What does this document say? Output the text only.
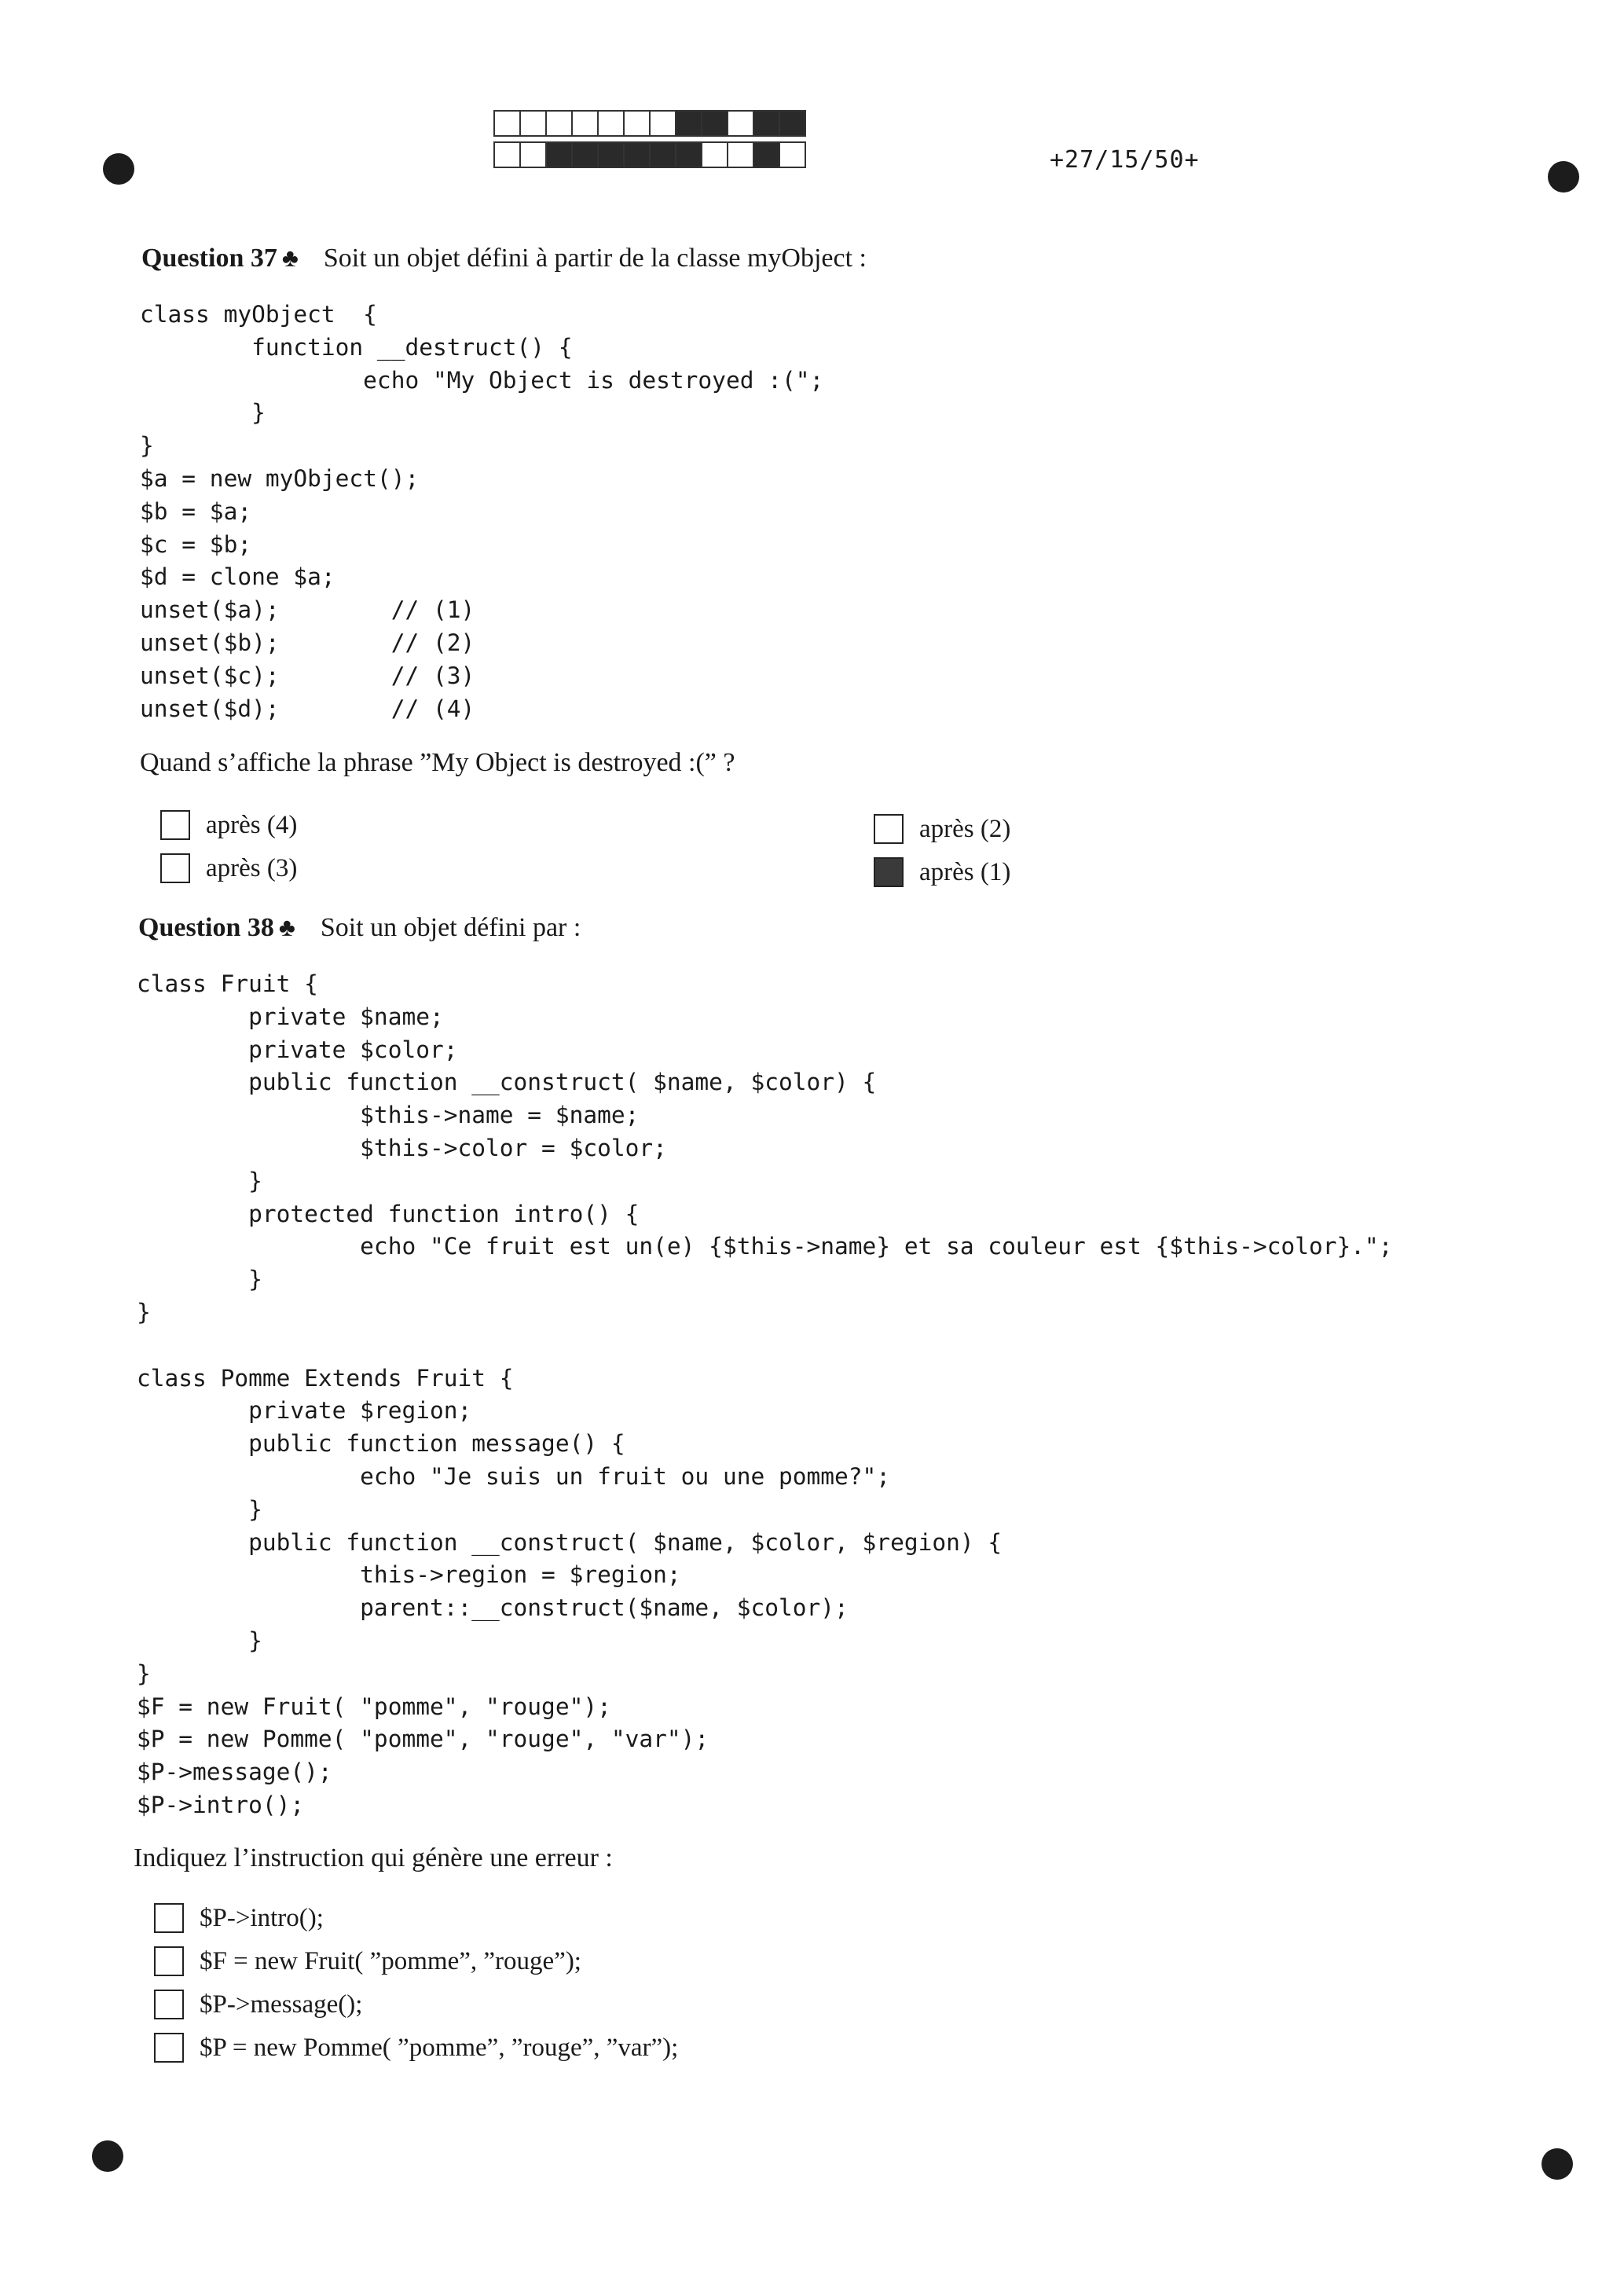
+27/15/50+
Question 37 ♣ Soit un objet défini à partir de la classe myObject :
class myObject  {
function __destruct() {
echo "My Object is destroyed :(";
}
}
$a = new myObject();
$b = $a;
$c = $b;
$d = clone $a;
unset($a);        // (1)
unset($b);        // (2)
unset($c);        // (3)
unset($d);        // (4)
Quand s’affiche la phrase ”My Object is destroyed :(” ?
après (4)
après (3)
après (2)
après (1)
Question 38 ♣ Soit un objet défini par :
class Fruit {
private $name;
private $color;
public function __construct( $name, $color) {
$this->name = $name;
$this->color = $color;
}
protected function intro() {
echo "Ce fruit est un(e) {$this->name} et sa couleur est {$this->color}.";
}
}

class Pomme Extends Fruit {
private $region;
public function message() {
echo "Je suis un fruit ou une pomme?";
}
public function __construct( $name, $color, $region) {
this->region = $region;
parent::__construct($name, $color);
}
}
$F = new Fruit( "pomme", "rouge");
$P = new Pomme( "pomme", "rouge", "var");
$P->message();
$P->intro();
Indiquez l’instruction qui génère une erreur :
$P->intro();
$F = new Fruit( ”pomme”, ”rouge”);
$P->message();
$P = new Pomme( ”pomme”, ”rouge”, ”var”);
